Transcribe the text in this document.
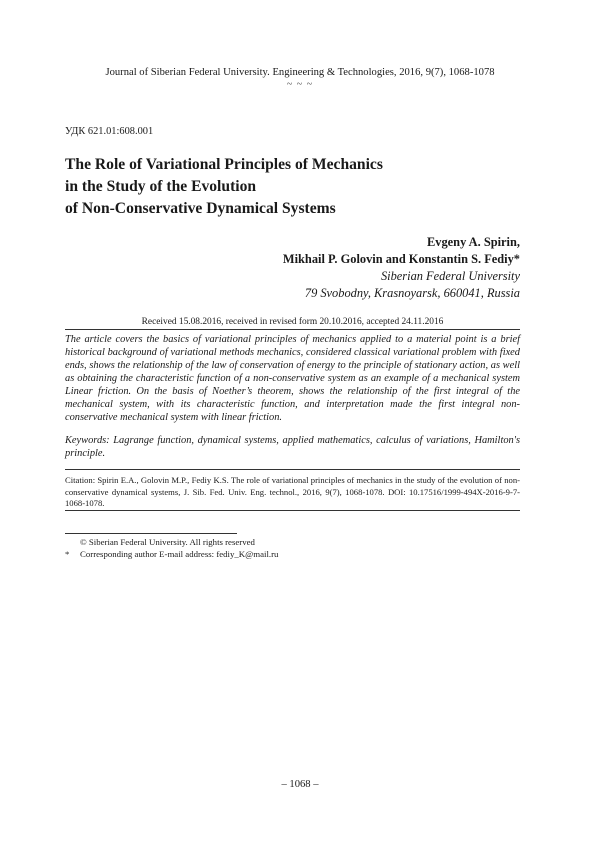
Journal of Siberian Federal University. Engineering & Technologies, 2016, 9(7), 1068-1078
~ ~ ~
УДК 621.01:608.001
The Role of Variational Principles of Mechanics
in the Study of the Evolution
of Non-Conservative Dynamical Systems
Evgeny A. Spirin,
Mikhail P. Golovin and Konstantin S. Fediy*
Siberian Federal University
79 Svobodny, Krasnoyarsk, 660041, Russia
Received 15.08.2016, received in revised form 20.10.2016, accepted 24.11.2016
The article covers the basics of variational principles of mechanics applied to a material point is a brief historical background of variational methods mechanics, considered classical variational problem with fixed ends, shows the relationship of the law of conservation of energy to the principle of stationary action, as well as obtaining the characteristic function of a non-conservative system as an example of a mechanical system Linear friction. On the basis of Noether’s theorem, shows the relationship of the first integral of the mechanical system, with its characteristic function, and interpretation made the first integral non-conservative mechanical system with linear friction.
Keywords: Lagrange function, dynamical systems, applied mathematics, calculus of variations, Hamilton's principle.
Citation: Spirin E.A., Golovin M.P., Fediy K.S. The role of variational principles of mechanics in the study of the evolution of non-conservative dynamical systems, J. Sib. Fed. Univ. Eng. technol., 2016, 9(7), 1068-1078. DOI: 10.17516/1999-494X-2016-9-7-1068-1078.
© Siberian Federal University. All rights reserved
* Corresponding author E-mail address: fediy_K@mail.ru
– 1068 –
